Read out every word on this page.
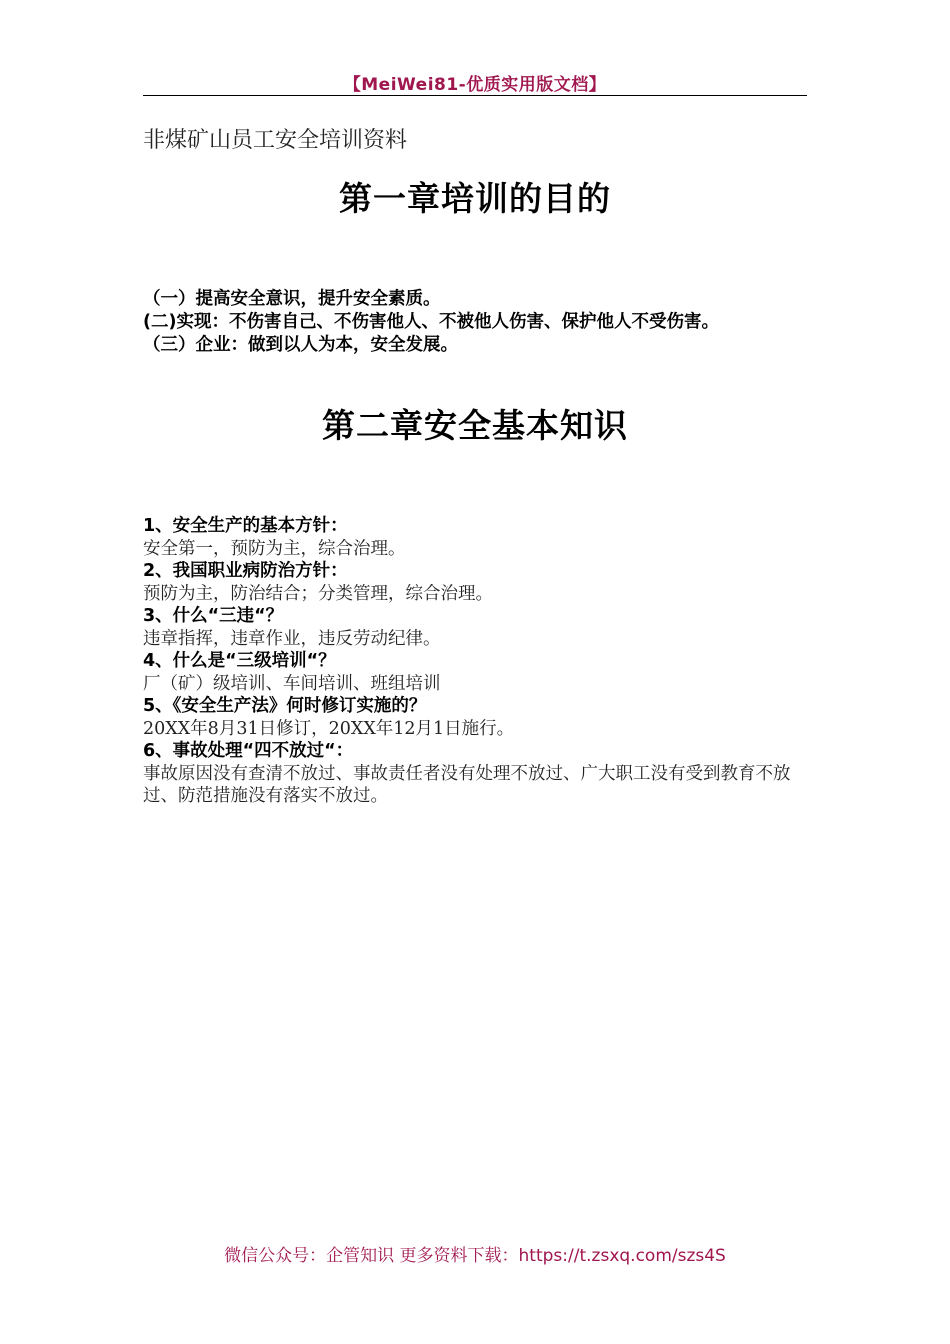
【MeiWei81-优质实用版文档】
非煤矿山员工安全培训资料
第一章培训的目的

（一）提高安全意识，提升安全素质。

(二)实现：不伤害自己、不伤害他人、不被他人伤害、保护他人不受伤害。

（三）企业：做到以人为本，安全发展。

第二章安全基本知识

1、安全生产的基本方针：

安全第一，预防为主，综合治理。

2、我国职业病防治方针：

预防为主，防治结合；分类管理，综合治理。

3、什么“三违“？

违章指挥，违章作业，违反劳动纪律。

4、什么是“三级培训“？

厂（矿）级培训、车间培训、班组培训

5、《安全生产法》何时修订实施的？

20XX年8月31日修订，20XX年12月1日施行。

6、事故处理“四不放过“：

事故原因没有查清不放过、事故责任者没有处理不放过、广大职工没有受到教育不放过、防范措施没有落实不放过。

微信公众号：企管知识 更多资料下载：https://t.zsxq.com/szs4S
